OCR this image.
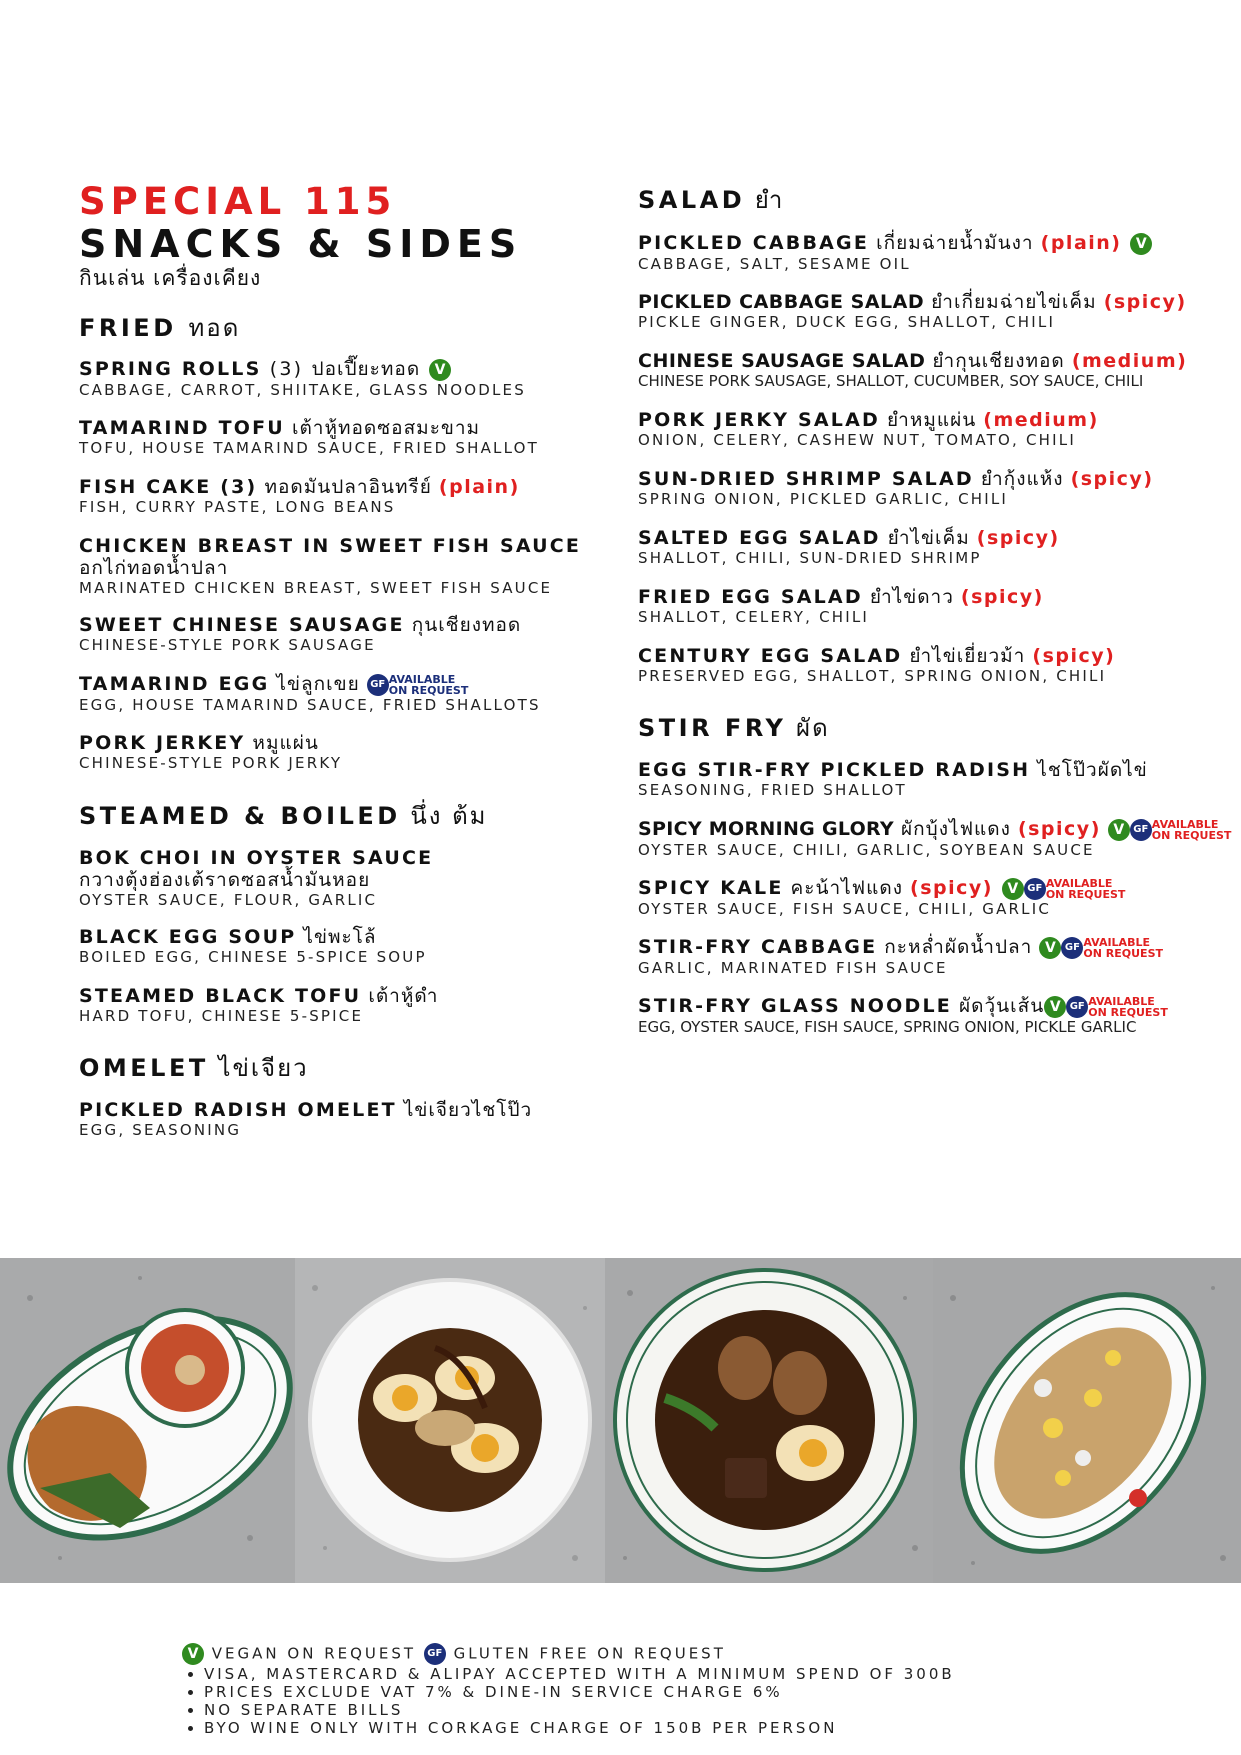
SPECIAL 115
SNACKS & SIDES
กินเล่น เครื่องเคียง
FRIED ทอด
SPRING ROLLS (3) ปอเปี๊ยะทอด V
CABBAGE, CARROT, SHIITAKE, GLASS NOODLES
TAMARIND TOFU เต้าหู้ทอดซอสมะขาม
TOFU, HOUSE TAMARIND SAUCE, FRIED SHALLOT
FISH CAKE (3) ทอดมันปลาอินทรีย์ (plain)
FISH, CURRY PASTE, LONG BEANS
CHICKEN BREAST IN SWEET FISH SAUCE
อกไก่ทอดน้ำปลา
MARINATED CHICKEN BREAST, SWEET FISH SAUCE
SWEET CHINESE SAUSAGE กุนเชียงทอด
CHINESE-STYLE PORK SAUSAGE
TAMARIND EGG ไข่ลูกเขย GF AVAILABLE
ON REQUEST
EGG, HOUSE TAMARIND SAUCE, FRIED SHALLOTS
PORK JERKEY หมูแผ่น
CHINESE-STYLE PORK JERKY
STEAMED & BOILED นึ่ง ต้ม
BOK CHOI IN OYSTER SAUCE
กวางตุ้งฮ่องเต้ราดซอสน้ำมันหอย
OYSTER SAUCE, FLOUR, GARLIC
BLACK EGG SOUP ไข่พะโล้
BOILED EGG, CHINESE 5-SPICE SOUP
STEAMED BLACK TOFU เต้าหู้ดำ
HARD TOFU, CHINESE 5-SPICE
OMELET ไข่เจียว
PICKLED RADISH OMELET ไข่เจียวไชโป๊ว
EGG, SEASONING
SALAD ยำ
PICKLED CABBAGE เกี่ยมฉ่ายน้ำมันงา (plain) V
CABBAGE, SALT, SESAME OIL
PICKLED CABBAGE SALAD ยำเกี่ยมฉ่ายไข่เค็ม (spicy)
PICKLE GINGER, DUCK EGG, SHALLOT, CHILI
CHINESE SAUSAGE SALAD ยำกุนเชียงทอด (medium)
CHINESE PORK SAUSAGE, SHALLOT, CUCUMBER, SOY SAUCE, CHILI
PORK JERKY SALAD ยำหมูแผ่น (medium)
ONION, CELERY, CASHEW NUT, TOMATO, CHILI
SUN-DRIED SHRIMP SALAD ยำกุ้งแห้ง (spicy)
SPRING ONION, PICKLED GARLIC, CHILI
SALTED EGG SALAD ยำไข่เค็ม (spicy)
SHALLOT, CHILI, SUN-DRIED SHRIMP
FRIED EGG SALAD ยำไข่ดาว (spicy)
SHALLOT, CELERY, CHILI
CENTURY EGG SALAD ยำไข่เยี่ยวม้า (spicy)
PRESERVED EGG, SHALLOT, SPRING ONION, CHILI
STIR FRY ผัด
EGG STIR-FRY PICKLED RADISH ไชโป๊วผัดไข่
SEASONING, FRIED SHALLOT
SPICY MORNING GLORY ผักบุ้งไฟแดง (spicy) V GF AVAILABLE
ON REQUEST
OYSTER SAUCE, CHILI, GARLIC, SOYBEAN SAUCE
SPICY KALE คะน้าไฟแดง (spicy) V GF AVAILABLE
ON REQUEST
OYSTER SAUCE, FISH SAUCE, CHILI, GARLIC
STIR-FRY CABBAGE กะหล่ำผัดน้ำปลา V GF AVAILABLE
ON REQUEST
GARLIC, MARINATED FISH SAUCE
STIR-FRY GLASS NOODLE ผัดวุ้นเส้น V GF AVAILABLE
ON REQUEST
EGG, OYSTER SAUCE, FISH SAUCE, SPRING ONION, PICKLE GARLIC
V VEGAN ON REQUEST GF GLUTEN FREE ON REQUEST
• VISA, MASTERCARD & ALIPAY ACCEPTED WITH A MINIMUM SPEND OF 300B
• PRICES EXCLUDE VAT 7% & DINE-IN SERVICE CHARGE 6%
• NO SEPARATE BILLS
• BYO WINE ONLY WITH CORKAGE CHARGE OF 150B PER PERSON
